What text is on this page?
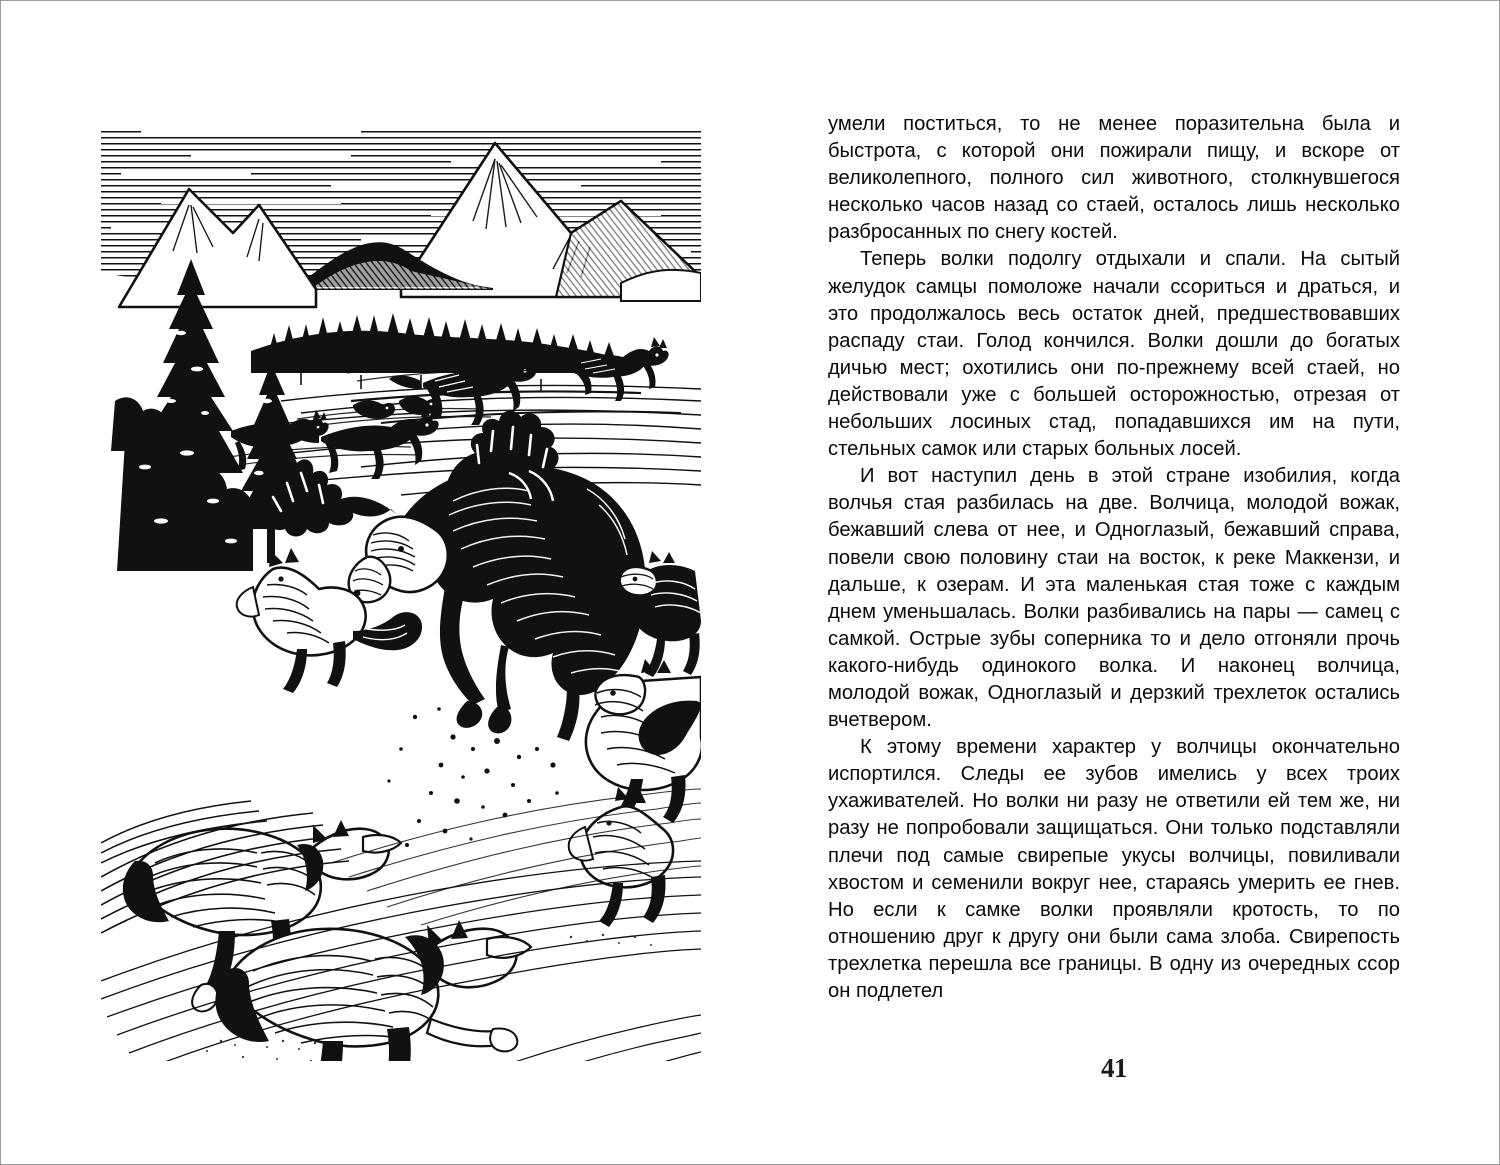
умели поститься, то не менее поразительна была и быстрота, с которой они пожирали пищу, и вскоре от великолепного, полного сил животного, столкнувшегося несколько часов назад со стаей, осталось лишь несколько разбросанных по снегу костей.

Теперь волки подолгу отдыхали и спали. На сытый желудок самцы помоложе начали ссориться и драться, и это продолжалось весь остаток дней, предшествовавших распаду стаи. Голод кончился. Волки дошли до богатых дичью мест; охотились они по-прежнему всей стаей, но действовали уже с большей осторожностью, отрезая от небольших лосиных стад, попадавшихся им на пути, стельных самок или старых больных лосей.

И вот наступил день в этой стране изобилия, когда волчья стая разбилась на две. Волчица, молодой вожак, бежавший слева от нее, и Одноглазый, бежавший справа, повели свою половину стаи на восток, к реке Маккензи, и дальше, к озерам. И эта маленькая стая тоже с каждым днем уменьшалась. Волки разбивались на пары — самец с самкой. Острые зубы соперника то и дело отгоняли прочь какого-нибудь одинокого волка. И наконец волчица, молодой вожак, Одноглазый и дерзкий трехлеток остались вчетвером.

К этому времени характер у волчицы окончательно испортился. Следы ее зубов имелись у всех троих ухаживателей. Но волки ни разу не ответили ей тем же, ни разу не попробовали защищаться. Они только подставляли плечи под самые свирепые укусы волчицы, повиливали хвостом и семенили вокруг нее, стараясь умерить ее гнев. Но если к самке волки проявляли кротость, то по отношению друг к другу они были сама злоба. Свирепость трехлетка перешла все границы. В одну из очередных ссор он подлетел

41
